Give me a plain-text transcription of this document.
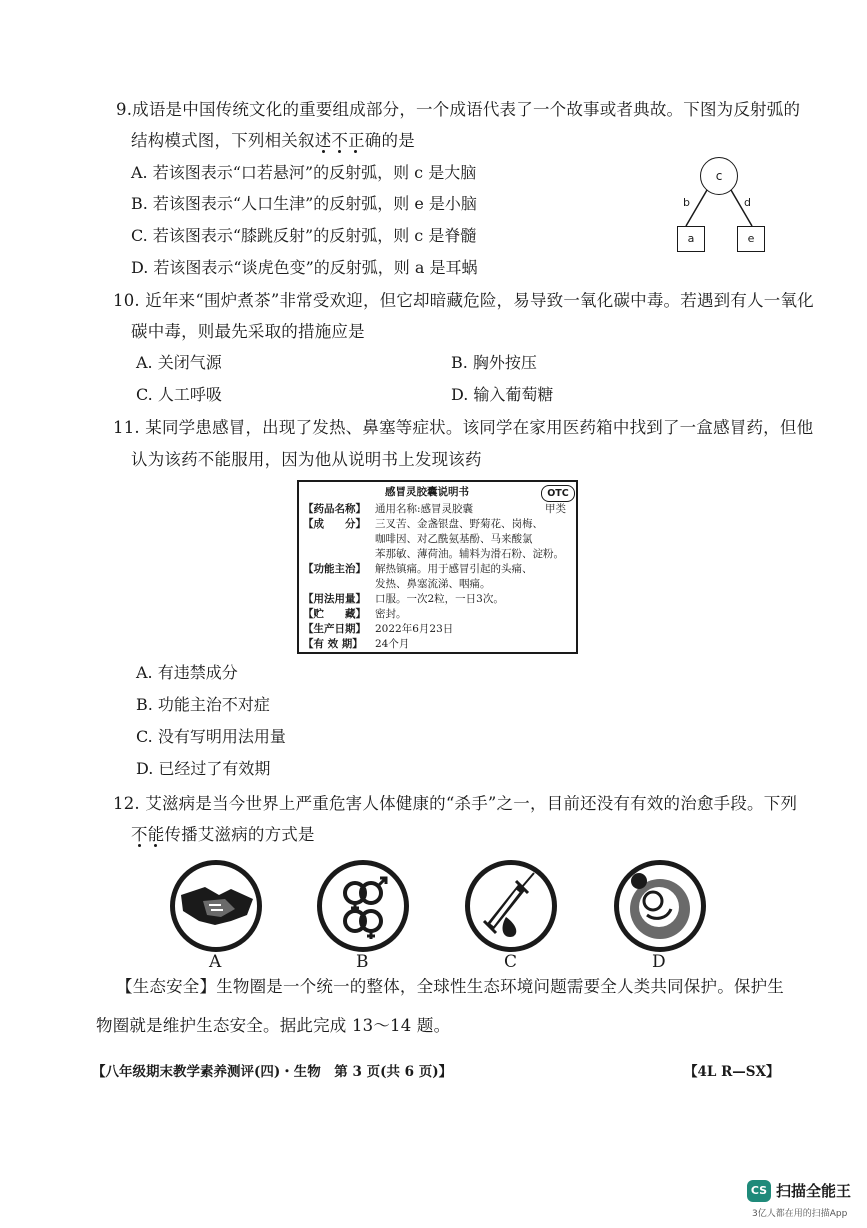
9.成语是中国传统文化的重要组成部分，一个成语代表了一个故事或者典故。下图为反射弧的
结构模式图，下列相关叙述不正确的是
A. 若该图表示“口若悬河”的反射弧，则 c 是大脑
B. 若该图表示“人口生津”的反射弧，则 e 是小脑
C. 若该图表示“膝跳反射”的反射弧，则 c 是脊髓
D. 若该图表示“谈虎色变”的反射弧，则 a 是耳蜗
c
b	d
a	e
10. 近年来“围炉煮茶”非常受欢迎，但它却暗藏危险，易导致一氧化碳中毒。若遇到有人一氧化
碳中毒，则最先采取的措施应是
A. 关闭气源	B. 胸外按压
C. 人工呼吸	D. 输入葡萄糖
11. 某同学患感冒，出现了发热、鼻塞等症状。该同学在家用医药箱中找到了一盒感冒药，但他
认为该药不能服用，因为他从说明书上发现该药
感冒灵胶囊说明书	OTC
甲类
【药品名称】 通用名称:感冒灵胶囊
【成　　分】 三叉苦、金盏银盘、野菊花、岗梅、
咖啡因、对乙酰氨基酚、马来酸氯
苯那敏、薄荷油。辅料为滑石粉、淀粉。
【功能主治】 解热镇痛。用于感冒引起的头痛、
发热、鼻塞流涕、咽痛。
【用法用量】 口服。一次2粒，一日3次。
【贮　　藏】 密封。
【生产日期】 2022年6月23日
【有 效 期】 24个月
A. 有违禁成分
B. 功能主治不对症
C. 没有写明用法用量
D. 已经过了有效期
12. 艾滋病是当今世界上严重危害人体健康的“杀手”之一，目前还没有有效的治愈手段。下列
不能传播艾滋病的方式是
A	B	C	D
【生态安全】生物圈是一个统一的整体，全球性生态环境问题需要全人类共同保护。保护生
物圈就是维护生态安全。据此完成 13～14 题。
【八年级期末教学素养测评(四)・生物　第 3 页(共 6 页)】	【4L R—SX】
CS 扫描全能王
3亿人都在用的扫描App
